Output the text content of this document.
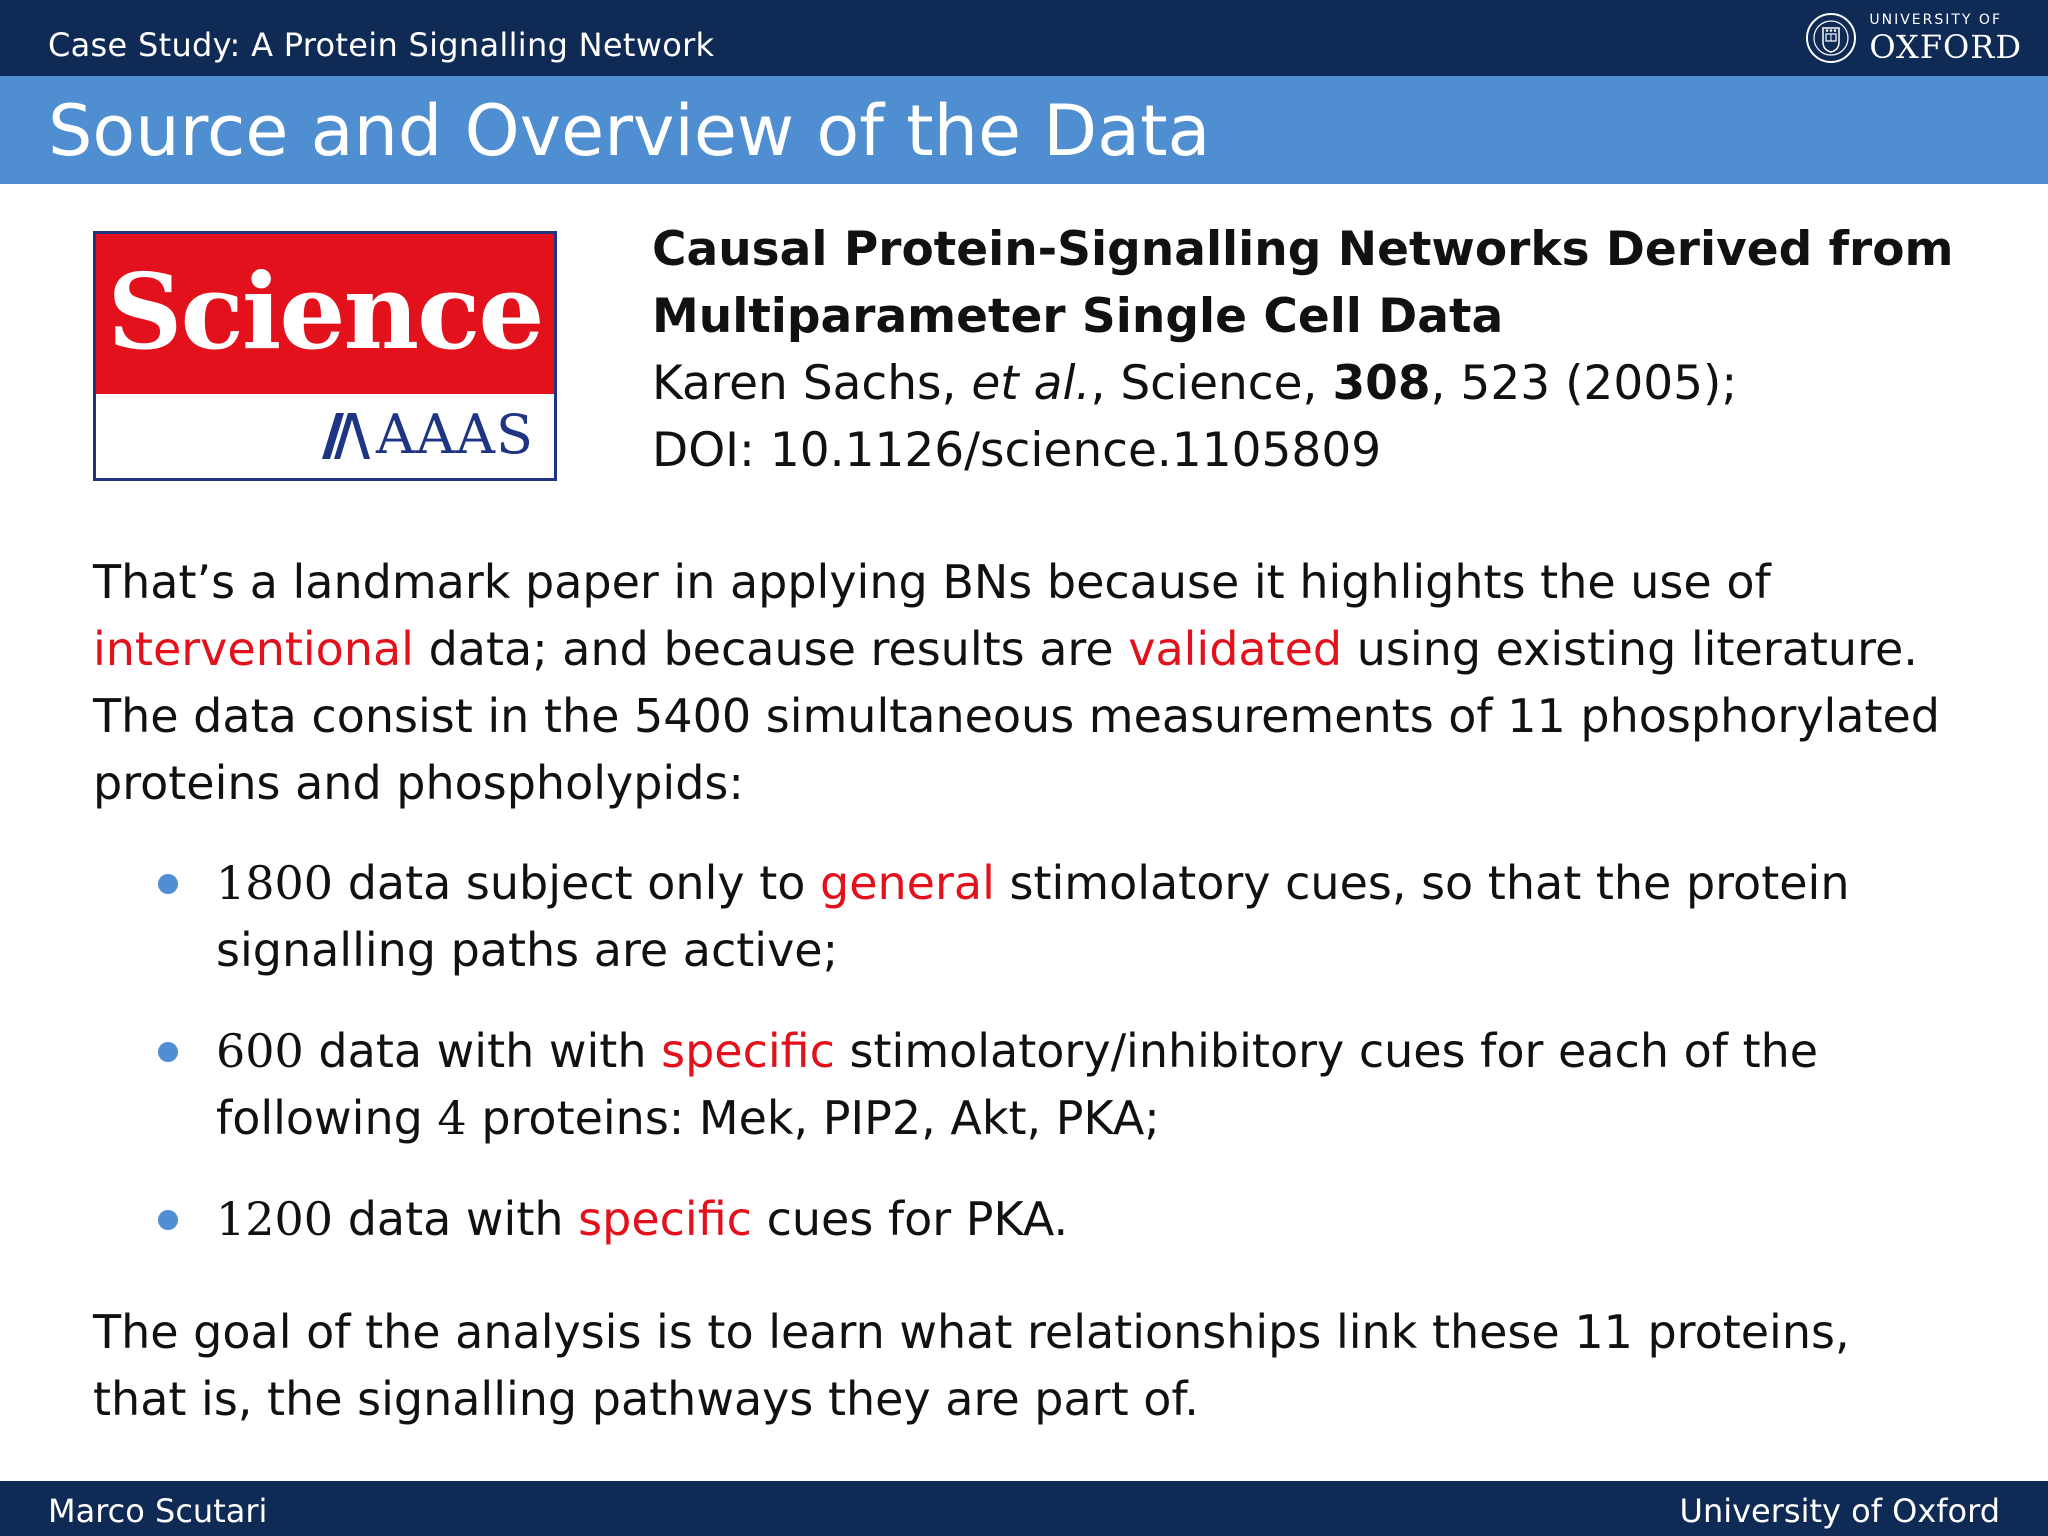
Case Study: A Protein Signalling Network
UNIVERSITY OF
OXFORD
Source and Overview of the Data
Science
AAAS
Causal Protein-Signalling Networks Derived from
Multiparameter Single Cell Data
Karen Sachs, et al., Science, 308, 523 (2005);
DOI: 10.1126/science.1105809
That’s a landmark paper in applying BNs because it highlights the use of
interventional data; and because results are validated using existing literature.
The data consist in the 5400 simultaneous measurements of 11 phosphorylated
proteins and phospholypids:
1800 data subject only to general stimolatory cues, so that the protein
signalling paths are active;
600 data with with specific stimolatory/inhibitory cues for each of the
following 4 proteins: Mek, PIP2, Akt, PKA;
1200 data with specific cues for PKA.
The goal of the analysis is to learn what relationships link these 11 proteins,
that is, the signalling pathways they are part of.
Marco Scutari	University of Oxford
